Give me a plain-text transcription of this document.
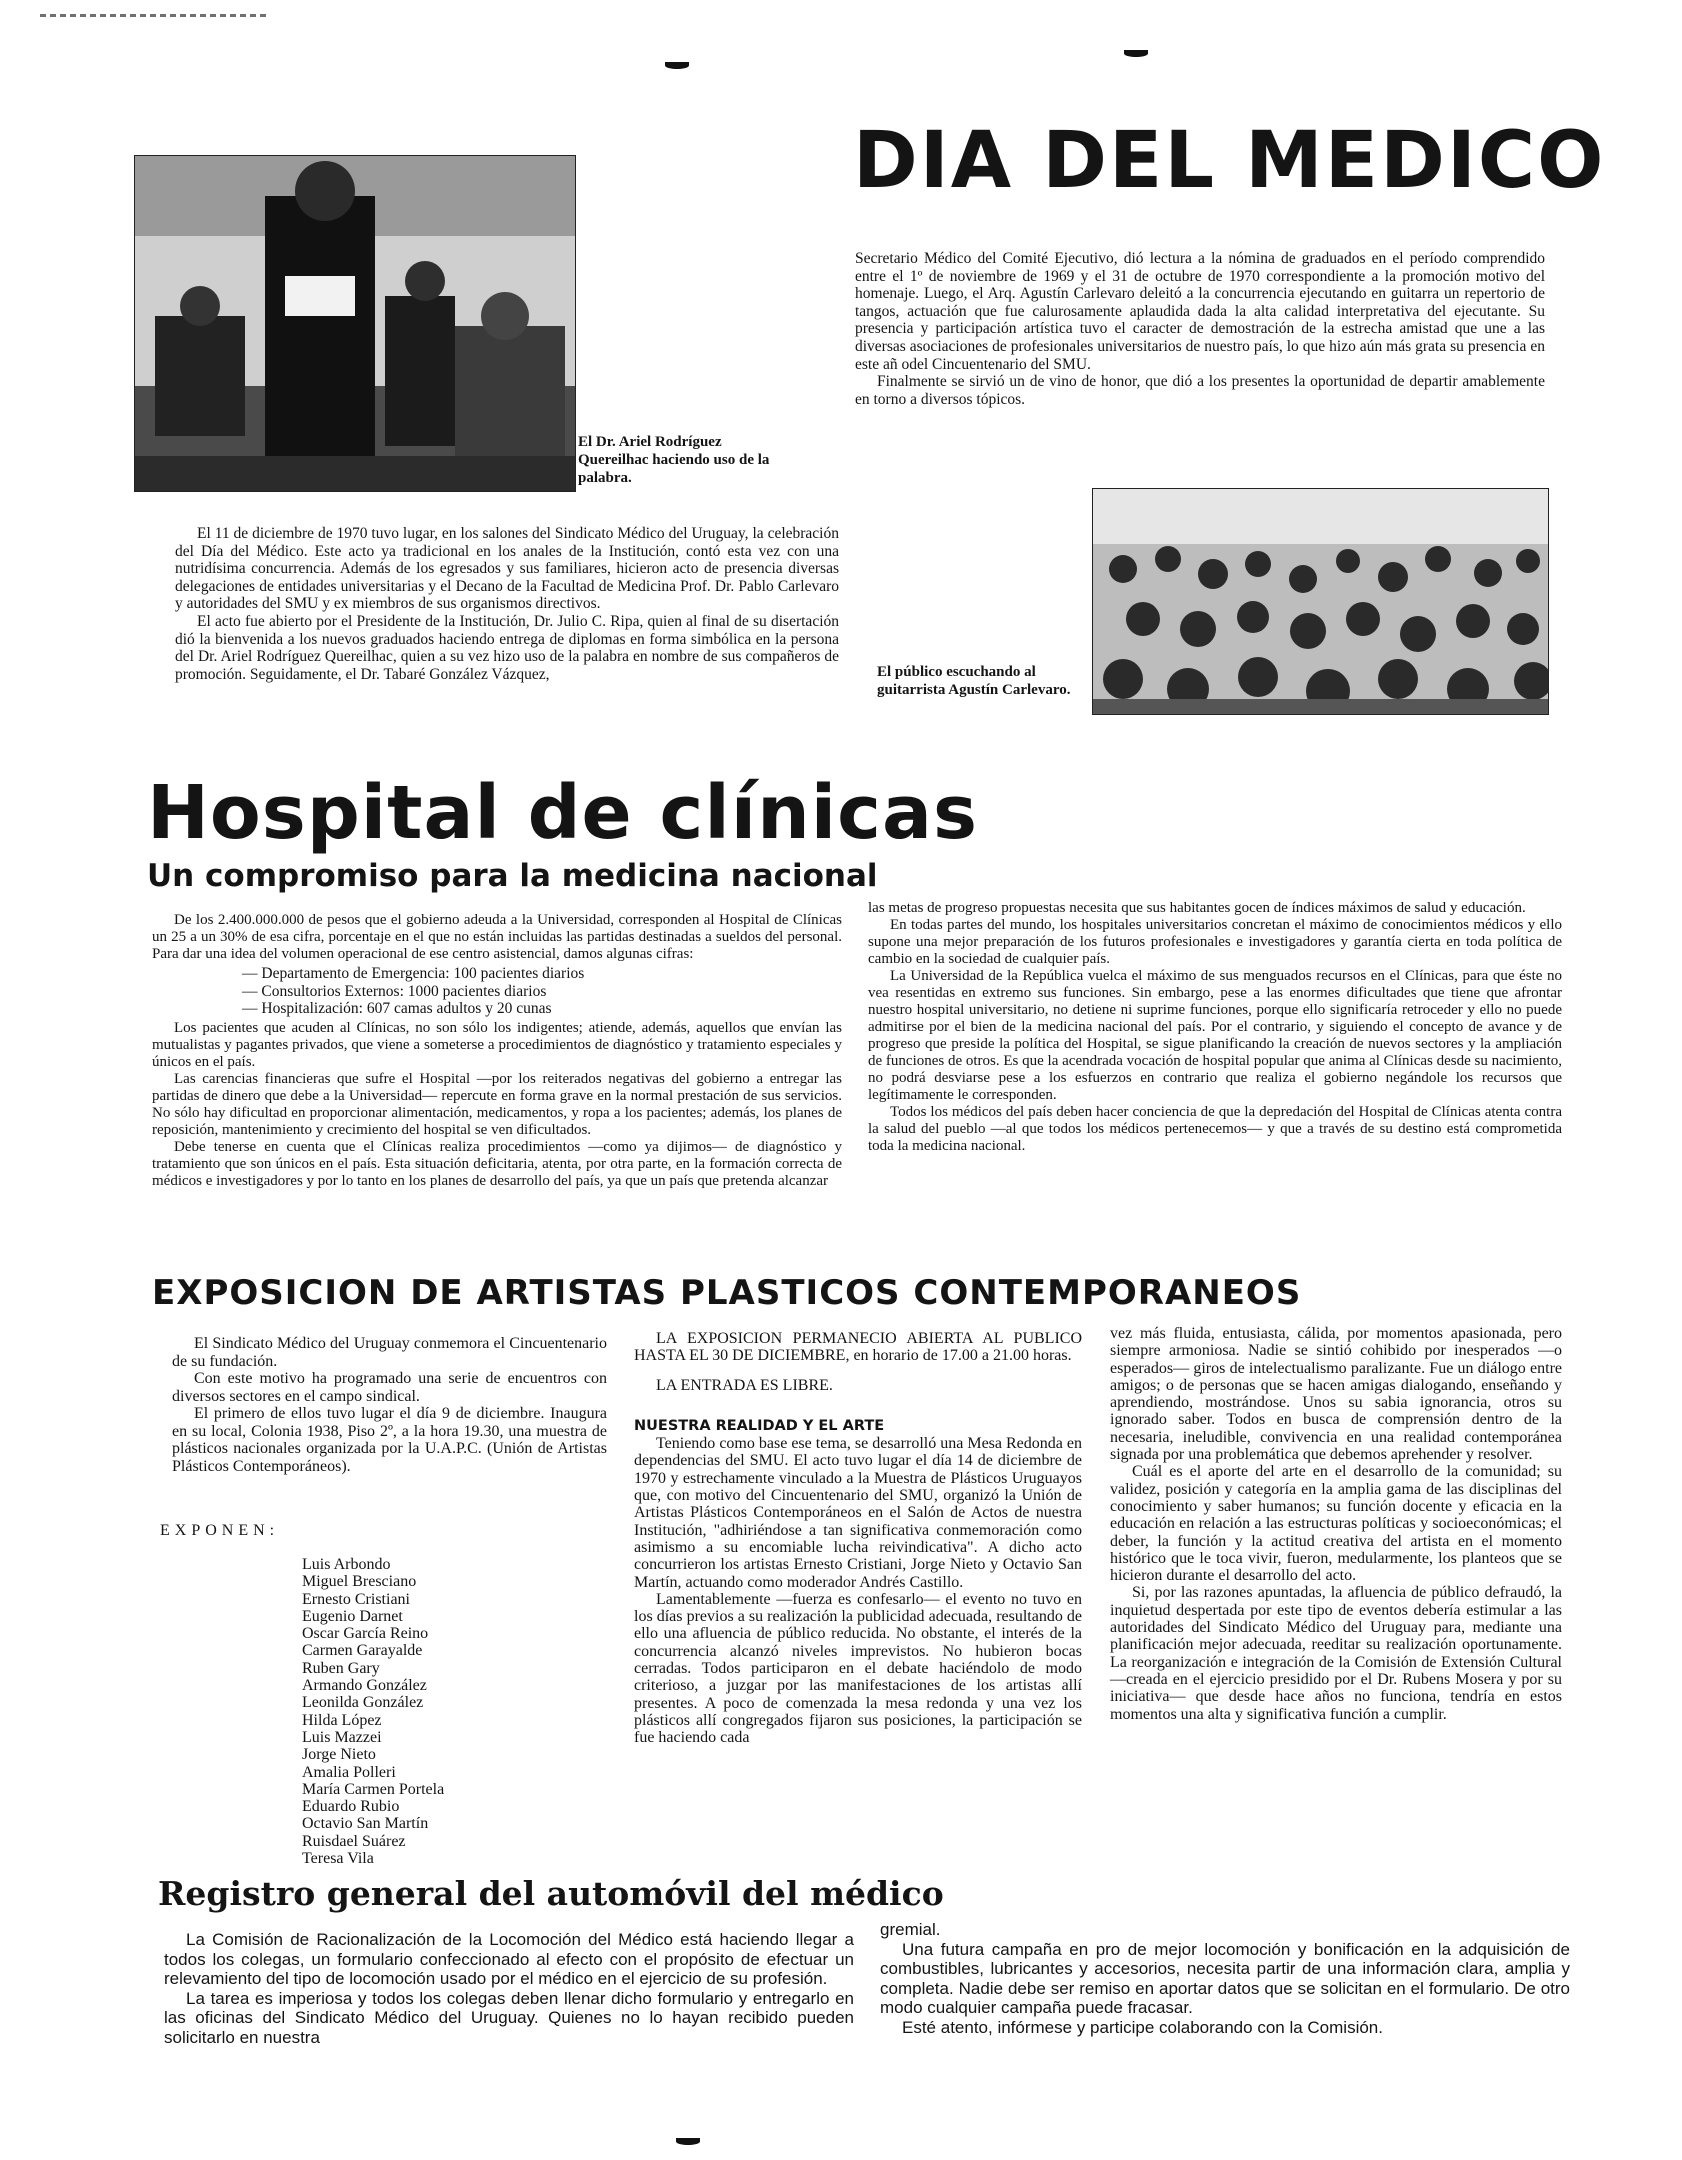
El Dr. Ariel Rodríguez Quereilhac haciendo uso de la palabra.
DIA DEL MEDICO

Secretario Médico del Comité Ejecutivo, dió lectura a la nómina de graduados en el período comprendido entre el 1º de noviembre de 1969 y el 31 de octubre de 1970 correspondiente a la promoción motivo del homenaje. Luego, el Arq. Agustín Carlevaro deleitó a la concurrencia ejecutando en guitarra un repertorio de tangos, actuación que fue calurosamente aplaudida dada la alta calidad interpretativa del ejecutante. Su presencia y participación artística tuvo el caracter de demostración de la estrecha amistad que une a las diversas asociaciones de profesionales universitarios de nuestro país, lo que hizo aún más grata su presencia en este añ odel Cincuentenario del SMU.

Finalmente se sirvió un de vino de honor, que dió a los presentes la oportunidad de departir amablemente en torno a diversos tópicos.

El 11 de diciembre de 1970 tuvo lugar, en los salones del Sindicato Médico del Uruguay, la celebración del Día del Médico. Este acto ya tradicional en los anales de la Institución, contó esta vez con una nutridísima concurrencia. Además de los egresados y sus familiares, hicieron acto de presencia diversas delegaciones de entidades universitarias y el Decano de la Facultad de Medicina Prof. Dr. Pablo Carlevaro y autoridades del SMU y ex miembros de sus organismos directivos.

El acto fue abierto por el Presidente de la Institución, Dr. Julio C. Ripa, quien al final de su disertación dió la bienvenida a los nuevos graduados haciendo entrega de diplomas en forma simbólica en la persona del Dr. Ariel Rodríguez Quereilhac, quien a su vez hizo uso de la palabra en nombre de sus compañeros de promoción. Seguidamente, el Dr. Tabaré González Vázquez,	El público escuchando al guitarrista Agustín Carlevaro.
Hospital de clínicas
Un compromiso para la medicina nacional

De los 2.400.000.000 de pesos que el gobierno adeuda a la Universidad, corresponden al Hospital de Clínicas un 25 a un 30% de esa cifra, porcentaje en el que no están incluidas las partidas destinadas a sueldos del personal. Para dar una idea del volumen operacional de ese centro asistencial, damos algunas cifras:

— Departamento de Emergencia: 100 pacientes diarios
— Consultorios Externos: 1000 pacientes diarios
— Hospitalización: 607 camas adultos y 20 cunas

Los pacientes que acuden al Clínicas, no son sólo los indigentes; atiende, además, aquellos que envían las mutualistas y pagantes privados, que viene a someterse a procedimientos de diagnóstico y tratamiento especiales y únicos en el país.

Las carencias financieras que sufre el Hospital —por los reiterados negativas del gobierno a entregar las partidas de dinero que debe a la Universidad— repercute en forma grave en la normal prestación de sus servicios. No sólo hay dificultad en proporcionar alimentación, medicamentos, y ropa a los pacientes; además, los planes de reposición, mantenimiento y crecimiento del hospital se ven dificultados.

Debe tenerse en cuenta que el Clínicas realiza procedimientos —como ya dijimos— de diagnóstico y tratamiento que son únicos en el país. Esta situación deficitaria, atenta, por otra parte, en la formación correcta de médicos e investigadores y por lo tanto en los planes de desarrollo del país, ya que un país que pretenda alcanzar

las metas de progreso propuestas necesita que sus habitantes gocen de índices máximos de salud y educación.

En todas partes del mundo, los hospitales universitarios concretan el máximo de conocimientos médicos y ello supone una mejor preparación de los futuros profesionales e investigadores y garantía cierta en toda política de cambio en la sociedad de cualquier país.

La Universidad de la República vuelca el máximo de sus menguados recursos en el Clínicas, para que éste no vea resentidas en extremo sus funciones. Sin embargo, pese a las enormes dificultades que tiene que afrontar nuestro hospital universitario, no detiene ni suprime funciones, porque ello significaría retroceder y ello no puede admitirse por el bien de la medicina nacional del país. Por el contrario, y siguiendo el concepto de avance y de progreso que preside la política del Hospital, se sigue planificando la creación de nuevos sectores y la ampliación de funciones de otros. Es que la acendrada vocación de hospital popular que anima al Clínicas desde su nacimiento, no podrá desviarse pese a los esfuerzos en contrario que realiza el gobierno negándole los recursos que legítimamente le corresponden.

Todos los médicos del país deben hacer conciencia de que la depredación del Hospital de Clínicas atenta contra la salud del pueblo —al que todos los médicos pertenecemos— y que a través de su destino está comprometida toda la medicina nacional.

EXPOSICION DE ARTISTAS PLASTICOS CONTEMPORANEOS

El Sindicato Médico del Uruguay conmemora el Cincuentenario de su fundación.

Con este motivo ha programado una serie de encuentros con diversos sectores en el campo sindical.

El primero de ellos tuvo lugar el día 9 de diciembre. Inaugura en su local, Colonia 1938, Piso 2º, a la hora 19.30, una muestra de plásticos nacionales organizada por la U.A.P.C. (Unión de Artistas Plásticos Contemporáneos).

EXPONEN:
Luis Arbondo
Miguel Bresciano
Ernesto Cristiani
Eugenio Darnet
Oscar García Reino
Carmen Garayalde
Ruben Gary
Armando González
Leonilda González
Hilda López
Luis Mazzei
Jorge Nieto
Amalia Polleri
María Carmen Portela
Eduardo Rubio
Octavio San Martín
Ruisdael Suárez
Teresa Vila

LA EXPOSICION PERMANECIO ABIERTA AL PUBLICO HASTA EL 30 DE DICIEMBRE, en horario de 17.00 a 21.00 horas.

LA ENTRADA ES LIBRE.

NUESTRA REALIDAD Y EL ARTE

Teniendo como base ese tema, se desarrolló una Mesa Redonda en dependencias del SMU. El acto tuvo lugar el día 14 de diciembre de 1970 y estrechamente vinculado a la Muestra de Plásticos Uruguayos que, con motivo del Cincuentenario del SMU, organizó la Unión de Artistas Plásticos Contemporáneos en el Salón de Actos de nuestra Institución, "adhiriéndose a tan significativa conmemoración como asimismo a su encomiable lucha reivindicativa". A dicho acto concurrieron los artistas Ernesto Cristiani, Jorge Nieto y Octavio San Martín, actuando como moderador Andrés Castillo.

Lamentablemente —fuerza es confesarlo— el evento no tuvo en los días previos a su realización la publicidad adecuada, resultando de ello una afluencia de público reducida. No obstante, el interés de la concurrencia alcanzó niveles imprevistos. No hubieron bocas cerradas. Todos participaron en el debate haciéndolo de modo criterioso, a juzgar por las manifestaciones de los artistas allí presentes. A poco de comenzada la mesa redonda y una vez los plásticos allí congregados fijaron sus posiciones, la participación se fue haciendo cada

vez más fluida, entusiasta, cálida, por momentos apasionada, pero siempre armoniosa. Nadie se sintió cohibido por inesperados —o esperados— giros de intelectualismo paralizante. Fue un diálogo entre amigos; o de personas que se hacen amigas dialogando, enseñando y aprendiendo, mostrándose. Unos su sabia ignorancia, otros su ignorado saber. Todos en busca de comprensión dentro de la necesaria, ineludible, convivencia en una realidad contemporánea signada por una problemática que debemos aprehender y resolver.

Cuál es el aporte del arte en el desarrollo de la comunidad; su validez, posición y categoría en la amplia gama de las disciplinas del conocimiento y saber humanos; su función docente y eficacia en la educación en relación a las estructuras políticas y socioeconómicas; el deber, la función y la actitud creativa del artista en el momento histórico que le toca vivir, fueron, medularmente, los planteos que se hicieron durante el desarrollo del acto.

Si, por las razones apuntadas, la afluencia de público defraudó, la inquietud despertada por este tipo de eventos debería estimular a las autoridades del Sindicato Médico del Uruguay para, mediante una planificación mejor adecuada, reeditar su realización oportunamente. La reorganización e integración de la Comisión de Extensión Cultural —creada en el ejercicio presidido por el Dr. Rubens Mosera y por su iniciativa— que desde hace años no funciona, tendría en estos momentos una alta y significativa función a cumplir.

Registro general del automóvil del médico

La Comisión de Racionalización de la Locomoción del Médico está haciendo llegar a todos los colegas, un formulario confeccionado al efecto con el propósito de efectuar un relevamiento del tipo de locomoción usado por el médico en el ejercicio de su profesión.

La tarea es imperiosa y todos los colegas deben llenar dicho formulario y entregarlo en las oficinas del Sindicato Médico del Uruguay. Quienes no lo hayan recibido pueden solicitarlo en nuestra

gremial.

Una futura campaña en pro de mejor locomoción y bonificación en la adquisición de combustibles, lubricantes y accesorios, necesita partir de una información clara, amplia y completa. Nadie debe ser remiso en aportar datos que se solicitan en el formulario. De otro modo cualquier campaña puede fracasar.

Esté atento, infórmese y participe colaborando con la Comisión.
